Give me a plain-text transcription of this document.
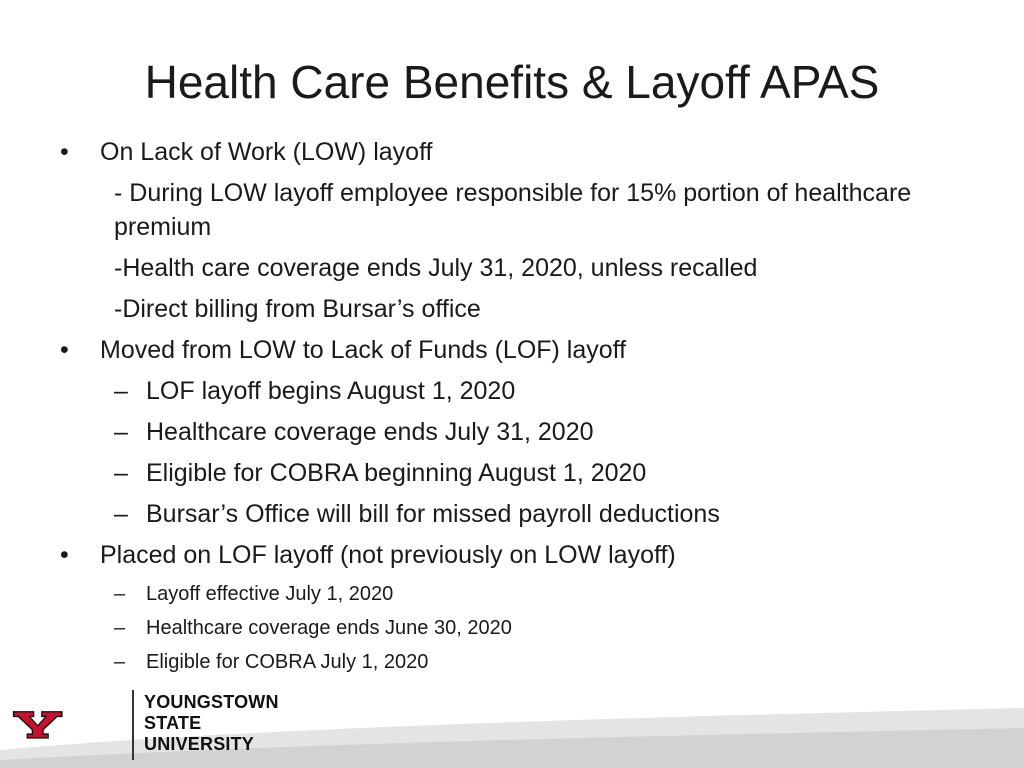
Health Care Benefits & Layoff APAS
• On Lack of Work (LOW) layoff
- During LOW layoff employee responsible for 15% portion of healthcare premium
-Health care coverage ends July 31, 2020, unless recalled
-Direct billing from Bursar’s office
• Moved from LOW to Lack of Funds (LOF) layoff
– LOF layoff begins August 1, 2020
– Healthcare coverage ends July 31, 2020
– Eligible for COBRA beginning August 1, 2020
– Bursar’s Office will bill for missed payroll deductions
• Placed on LOF layoff (not previously on LOW layoff)
– Layoff effective July 1, 2020
– Healthcare coverage ends June 30, 2020
– Eligible for COBRA July 1, 2020
YOUNGSTOWN
STATE
UNIVERSITY
